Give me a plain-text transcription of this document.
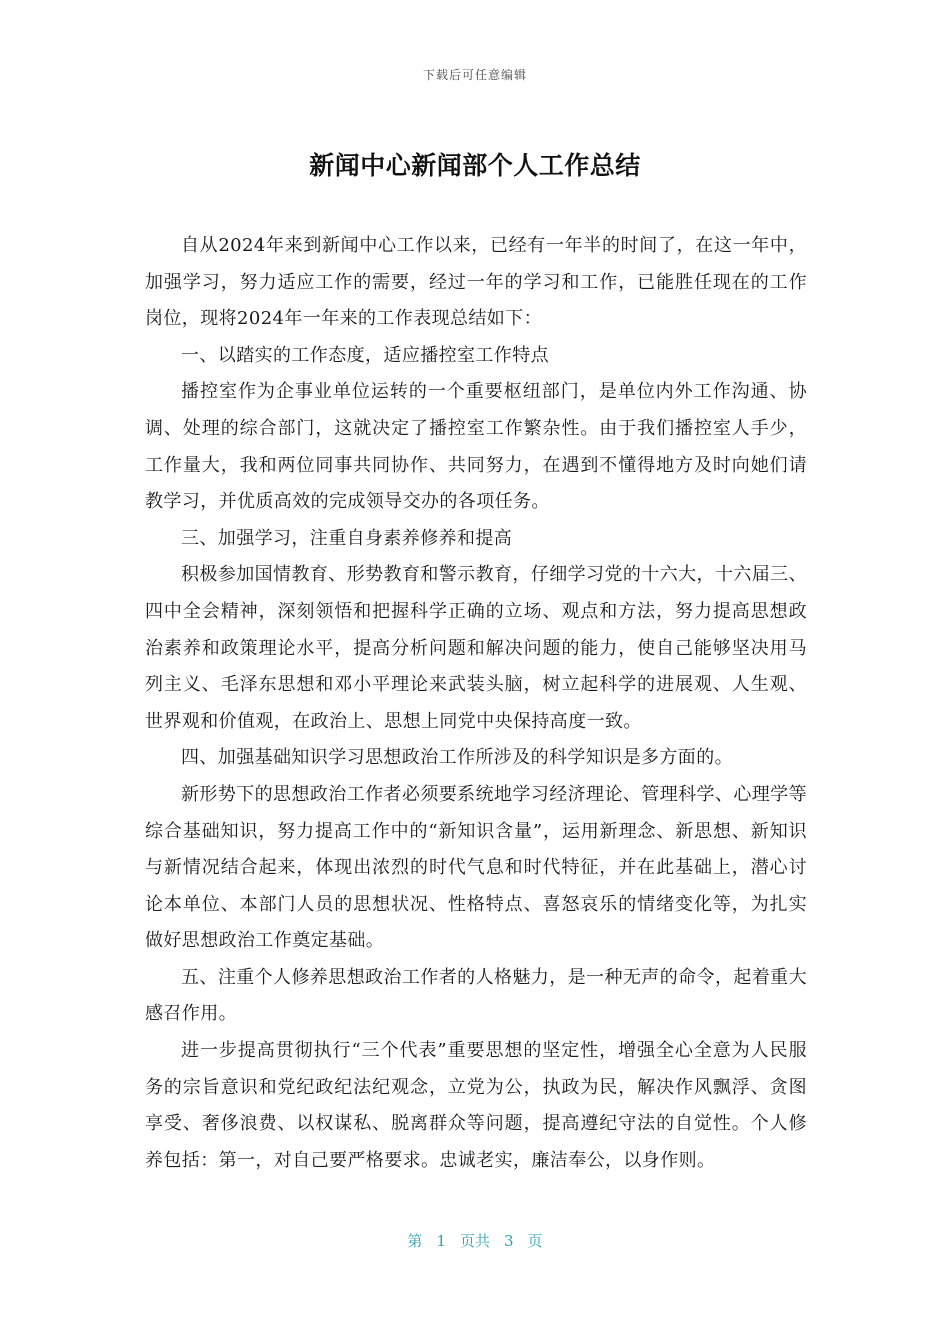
下载后可任意编辑
新闻中心新闻部个人工作总结

自从2024年来到新闻中心工作以来，已经有一年半的时间了，在这一年中，加强学习，努力适应工作的需要，经过一年的学习和工作，已能胜任现在的工作岗位，现将2024年一年来的工作表现总结如下：

一、以踏实的工作态度，适应播控室工作特点

播控室作为企事业单位运转的一个重要枢纽部门，是单位内外工作沟通、协调、处理的综合部门，这就决定了播控室工作繁杂性。由于我们播控室人手少，工作量大，我和两位同事共同协作、共同努力，在遇到不懂得地方及时向她们请教学习，并优质高效的完成领导交办的各项任务。

三、加强学习，注重自身素养修养和提高

积极参加国情教育、形势教育和警示教育，仔细学习党的十六大，十六届三、四中全会精神，深刻领悟和把握科学正确的立场、观点和方法，努力提高思想政治素养和政策理论水平，提高分析问题和解决问题的能力，使自己能够坚决用马列主义、毛泽东思想和邓小平理论来武装头脑，树立起科学的进展观、人生观、世界观和价值观，在政治上、思想上同党中央保持高度一致。

四、加强基础知识学习思想政治工作所涉及的科学知识是多方面的。

新形势下的思想政治工作者必须要系统地学习经济理论、管理科学、心理学等综合基础知识，努力提高工作中的“新知识含量”，运用新理念、新思想、新知识与新情况结合起来，体现出浓烈的时代气息和时代特征，并在此基础上，潜心讨论本单位、本部门人员的思想状况、性格特点、喜怒哀乐的情绪变化等，为扎实做好思想政治工作奠定基础。

五、注重个人修养思想政治工作者的人格魅力，是一种无声的命令，起着重大感召作用。

进一步提高贯彻执行“三个代表”重要思想的坚定性，增强全心全意为人民服务的宗旨意识和党纪政纪法纪观念，立党为公，执政为民，解决作风飘浮、贪图享受、奢侈浪费、以权谋私、脱离群众等问题，提高遵纪守法的自觉性。个人修养包括：第一，对自己要严格要求。忠诚老实，廉洁奉公，以身作则。

第 1 页共 3 页
